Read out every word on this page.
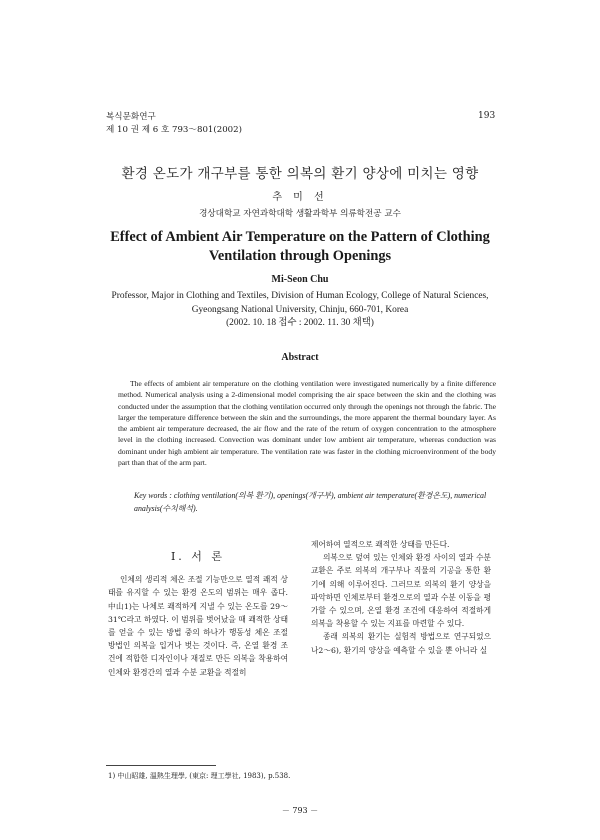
복식문화연구
제 10 권 제 6 호 793～801(2002)
193
환경 온도가 개구부를 통한 의복의 환기 양상에 미치는 영향
추 미 선
경상대학교 자연과학대학 생활과학부 의류학전공 교수
Effect of Ambient Air Temperature on the Pattern of Clothing
Ventilation through Openings
Mi-Seon Chu
Professor, Major in Clothing and Textiles, Division of Human Ecology, College of Natural Sciences,
Gyeongsang National University, Chinju, 660-701, Korea
(2002. 10. 18 접수 : 2002. 11. 30 채택)
Abstract
The effects of ambient air temperature on the clothing ventilation were investigated numerically by a finite difference method. Numerical analysis using a 2-dimensional model comprising the air space between the skin and the clothing was conducted under the assumption that the clothing ventilation occurred only through the openings not through the fabric. The larger the temperature difference between the skin and the surroundings, the more apparent the thermal boundary layer. As the ambient air temperature decreased, the air flow and the rate of the return of oxygen concentration to the atmosphere level in the clothing increased. Convection was dominant under low ambient air temperature, whereas conduction was dominant under high ambient air temperature. The ventilation rate was faster in the clothing microenvironment of the body part than that of the arm part.
Key words : clothing ventilation(의복 환기), openings(개구부), ambient air temperature(환경온도), numerical analysis(수치해석).
Ⅰ. 서 론

인체의 생리적 체온 조절 기능만으로 열적 쾌적 상태를 유지할 수 있는 환경 온도의 범위는 매우 좁다. 中山1)는 나체로 쾌적하게 지낼 수 있는 온도를 29～31℃라고 하였다. 이 범위를 벗어났을 때 쾌적한 상태를 얻을 수 있는 방법 중의 하나가 행동성 체온 조절 방법인 의복을 입거나 벗는 것이다. 즉, 온열 환경 조건에 적합한 디자인이나 재질로 만든 의복을 착용하여 인체와 환경간의 열과 수분 교환을 적절히

제어하여 열적으로 쾌적한 상태를 만든다.

의복으로 덮여 있는 인체와 환경 사이의 열과 수분 교환은 주로 의복의 개구부나 직물의 기공을 통한 환기에 의해 이루어진다. 그러므로 의복의 환기 양상을 파악하면 인체로부터 환경으로의 열과 수분 이동을 평가할 수 있으며, 온열 환경 조건에 대응하여 적절하게 의복을 착용할 수 있는 지표를 마련할 수 있다.

종래 의복의 환기는 실험적 방법으로 연구되었으나2～6), 환기의 양상을 예측할 수 있을 뿐 아니라 실

1) 中山昭雄, 溫熱生理學, (東京: 理工學社, 1983), p.538.
－ 793 －
